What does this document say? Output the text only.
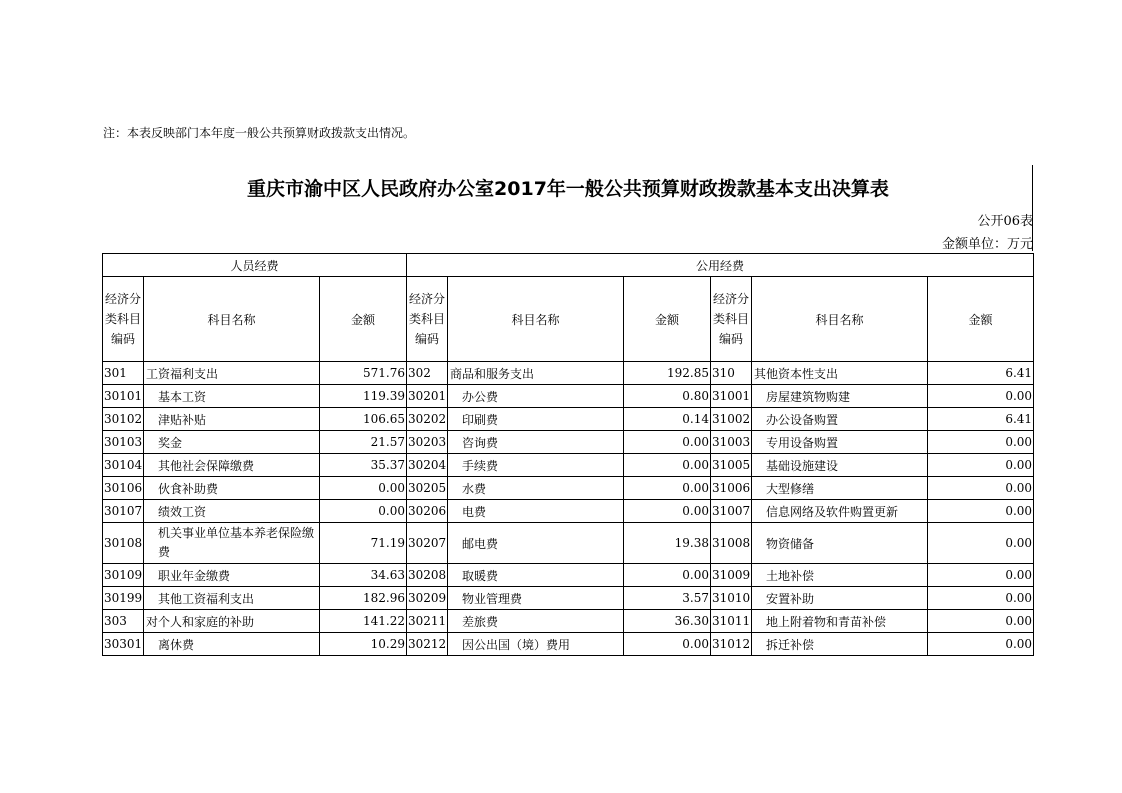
注：本表反映部门本年度一般公共预算财政拨款支出情况。
重庆市渝中区人民政府办公室2017年一般公共预算财政拨款基本支出决算表
公开06表
金额单位：万元
人员经费			公用经费					
经济分类科目编码	科目名称	金额	经济分类科目编码	科目名称	金额	经济分类科目编码	科目名称	金额
301	工资福利支出	571.76	302	商品和服务支出	192.85	310	其他资本性支出	6.41
30101	基本工资	119.39	30201	办公费	0.80	31001	房屋建筑物购建	0.00
30102	津贴补贴	106.65	30202	印刷费	0.14	31002	办公设备购置	6.41
30103	奖金	21.57	30203	咨询费	0.00	31003	专用设备购置	0.00
30104	其他社会保障缴费	35.37	30204	手续费	0.00	31005	基础设施建设	0.00
30106	伙食补助费	0.00	30205	水费	0.00	31006	大型修缮	0.00
30107	绩效工资	0.00	30206	电费	0.00	31007	信息网络及软件购置更新	0.00
30108	机关事业单位基本养老保险缴费	71.19	30207	邮电费	19.38	31008	物资储备	0.00
30109	职业年金缴费	34.63	30208	取暖费	0.00	31009	土地补偿	0.00
30199	其他工资福利支出	182.96	30209	物业管理费	3.57	31010	安置补助	0.00
303	对个人和家庭的补助	141.22	30211	差旅费	36.30	31011	地上附着物和青苗补偿	0.00
30301	离休费	10.29	30212	因公出国（境）费用	0.00	31012	拆迁补偿	0.00
